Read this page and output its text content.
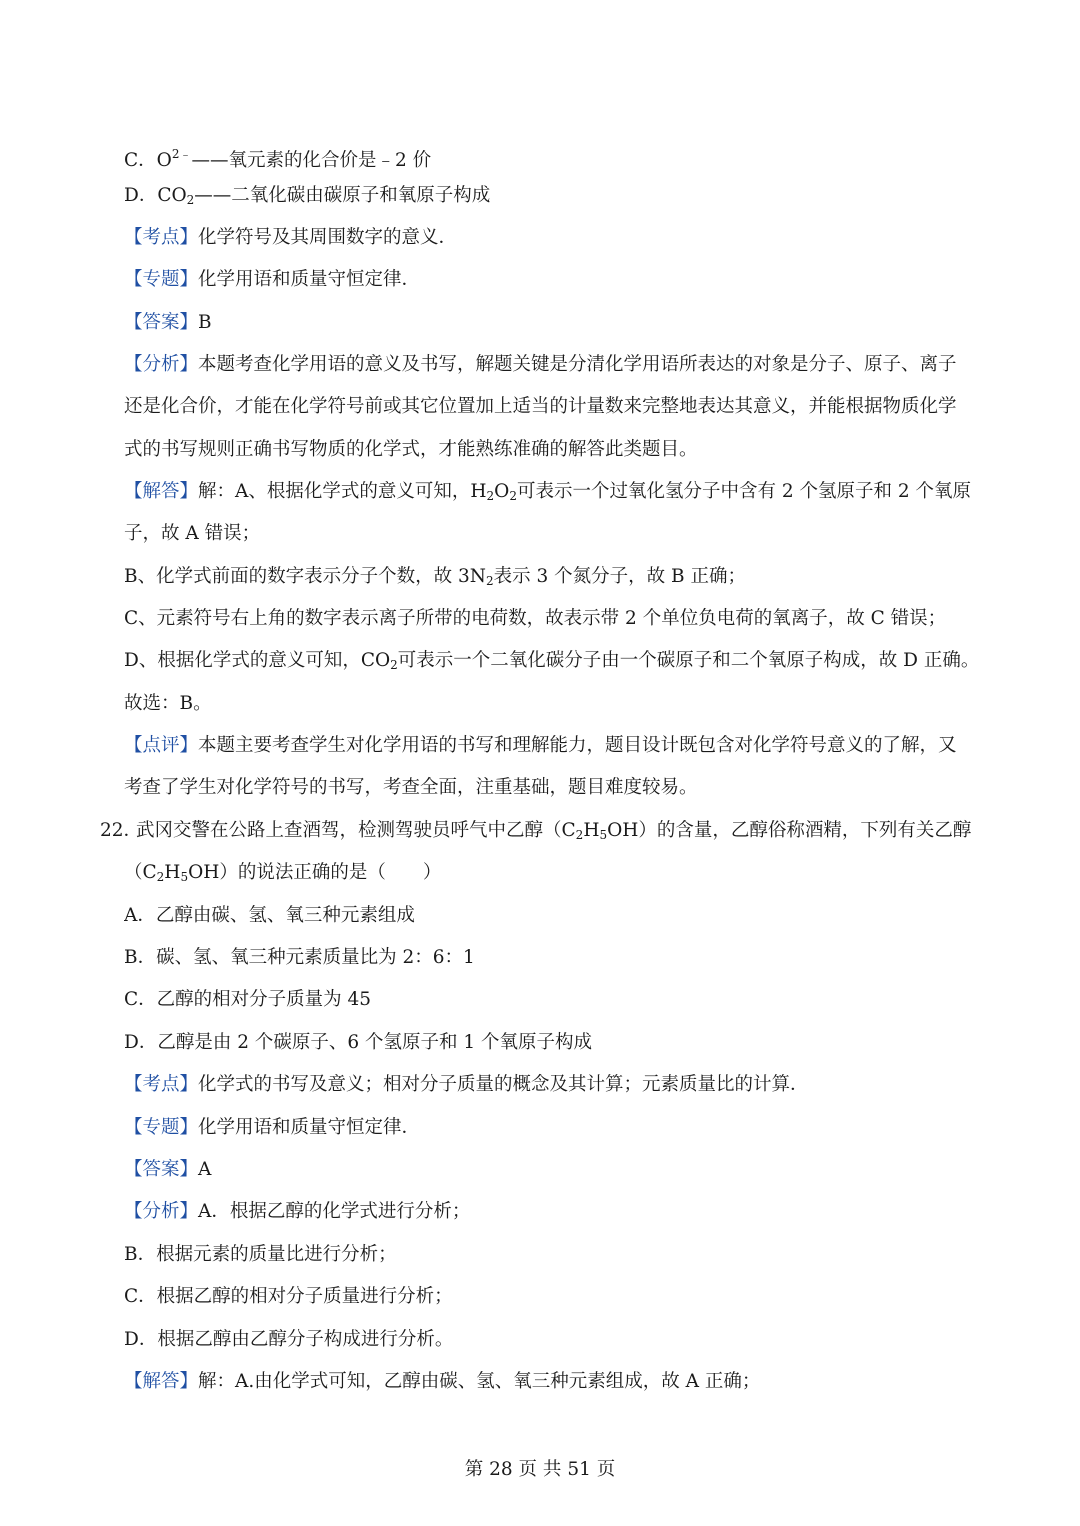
C．$O^{2﹣}——$氧元素的化合价是﹣2 价
D．$CO_2——$二氧化碳由碳原子和氧原子构成
【考点】化学符号及其周围数字的意义．
【专题】化学用语和质量守恒定律．
【答案】B
【分析】本题考查化学用语的意义及书写，解题关键是分清化学用语所表达的对象是分子、原子、离子
还是化合价，才能在化学符号前或其它位置加上适当的计量数来完整地表达其意义，并能根据物质化学
式的书写规则正确书写物质的化学式，才能熟练准确的解答此类题目。
【解答】解：A、根据化学式的意义可知，$H_2O_2$可表示一个过氧化氢分子中含有 2 个氢原子和 2 个氧原
子，故 A 错误；
B、化学式前面的数字表示分子个数，故 $3N_2$表示 3 个氮分子，故 B 正确；
C、元素符号右上角的数字表示离子所带的电荷数，故表示带 2 个单位负电荷的氧离子，故 C 错误；
D、根据化学式的意义可知，$CO_2$可表示一个二氧化碳分子由一个碳原子和二个氧原子构成，故 D 正确。
故选：B。
【点评】本题主要考查学生对化学用语的书写和理解能力，题目设计既包含对化学符号意义的了解，又
考查了学生对化学符号的书写，考查全面，注重基础，题目难度较易。
22．
武冈交警在公路上查酒驾，检测驾驶员呼气中乙醇$(C_2H_5OH)$的含量，乙醇俗称酒精，下列有关乙醇
$(C_2H_5OH)$的说法正确的是（　　）
A．乙醇由碳、氢、氧三种元素组成
B．碳、氢、氧三种元素质量比为 2：6：1
C．乙醇的相对分子质量为 45
D．乙醇是由 2 个碳原子、6 个氢原子和 1 个氧原子构成
【考点】化学式的书写及意义；相对分子质量的概念及其计算；元素质量比的计算．
【专题】化学用语和质量守恒定律．
【答案】A
【分析】A．根据乙醇的化学式进行分析；
B．根据元素的质量比进行分析；
C．根据乙醇的相对分子质量进行分析；
D．根据乙醇由乙醇分子构成进行分析。
【解答】解：A.由化学式可知，乙醇由碳、氢、氧三种元素组成，故 A 正确；
第 28 页 共 51 页
